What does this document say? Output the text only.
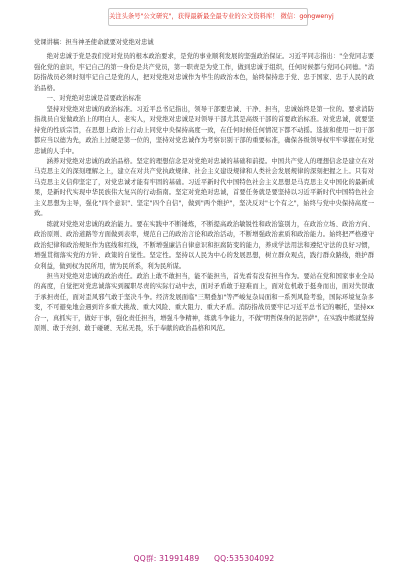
关注头条号"公文研究"，获得最新最全最专业的公文资料库！ 微信：gongwenyj
党课讲稿：担当神圣使命就要对党绝对忠诚

绝对忠诚于党是我们党对党员的根本政治要求，是党的事业顺利发展的坚强政治保证。习近平同志指出："全党同志要强化党的意识，牢记自己的第一身份是共产党员，第一职责是为党工作，做到忠诚于组织，任何时候都与党同心同德。"消防指战员必须时刻牢记自己是党的人，把对党绝对忠诚作为毕生的政治本色，始终保持忠于党、忠于国家、忠于人民的政治品格。

一、对党绝对忠诚是首要政治标准

坚持对党绝对忠诚的政治标准。习近平总书记指出，领导干部要忠诚、干净、担当，忠诚始终是第一位的。要求消防指战员自觉做政治上的明白人、老实人，对党绝对忠诚是对领导干部尤其是高级干部的首要政治标准。对党忠诚，就要坚持党的性质宗旨，在思想上政治上行动上同党中央保持高度一致，在任何时候任何情况下都不动摇。选拔和使用一切干部都应当以德为先，政治上过硬是第一位的，坚持对党忠诚作为考察识别干部的重要标准，确保各级领导权牢牢掌握在对党忠诚的人手中。

涵养对党绝对忠诚的政治品格。坚定的理想信念是对党绝对忠诚的基础和前提。中国共产党人的理想信念是建立在对马克思主义的深刻理解之上，建立在对共产党执政规律、社会主义建设规律和人类社会发展规律的深刻把握之上。只有对马克思主义信仰坚定了，对党忠诚才能有牢固的基础。习近平新时代中国特色社会主义思想是马克思主义中国化的最新成果，是新时代实现中华民族伟大复兴的行动指南。坚定对党绝对忠诚，首要任务就是要坚持以习近平新时代中国特色社会主义思想为主导，强化"四个意识"、坚定"四个自信"，做到"两个维护"，坚决反对"七个有之"，始终与党中央保持高度一致。

练就对党绝对忠诚的政治能力。要在实践中不断锤炼，不断提高政治敏锐性和政治鉴别力，在政治立场、政治方向、政治原则、政治道路等方面做到表率，规范自己的政治言论和政治活动，不断增强政治素质和政治能力。始终把严格遵守政治纪律和政治规矩作为底线和红线，不断增强廉洁自律意识和拒腐防变的能力，养成学法用法和遵纪守法的良好习惯，增强贯彻落实党的方针、政策的自觉性。坚定性。坚持以人民为中心的发展思想，树立群众观点，践行群众路线，维护群众利益，做到权为民所用，情为民所系，利为民所谋。

担当对党绝对忠诚的政治责任。政治上敢不敢担当，能不能担当，首先看有没有担当作为。要站在党和国家事业全局的高度，自觉把对党忠诚落实到履职尽责的实际行动中去，面对矛盾敢于迎难而上，面对危机敢于挺身而出，面对失误敢于承担责任，面对歪风邪气敢于坚决斗争。经济发展面临"三期叠加"等严峻复杂局面和一系列风险考验，国际环境复杂多变，不可避免地会遇到许多重大挑战、重大风险、重大阻力、重大矛盾。消防指战员要牢记习近平总书记的嘱托，坚持xx合一，真抓实干，做好干事，强化责任担当，增强斗争精神，练就斗争能力，不做"明哲保身的泥菩萨"，在实践中炼就坚持原则、敢于亮剑、敢于碰硬、无私无畏，乐于奉献的政治品格和风范。

QQ群: 31991489 QQ:535304092
